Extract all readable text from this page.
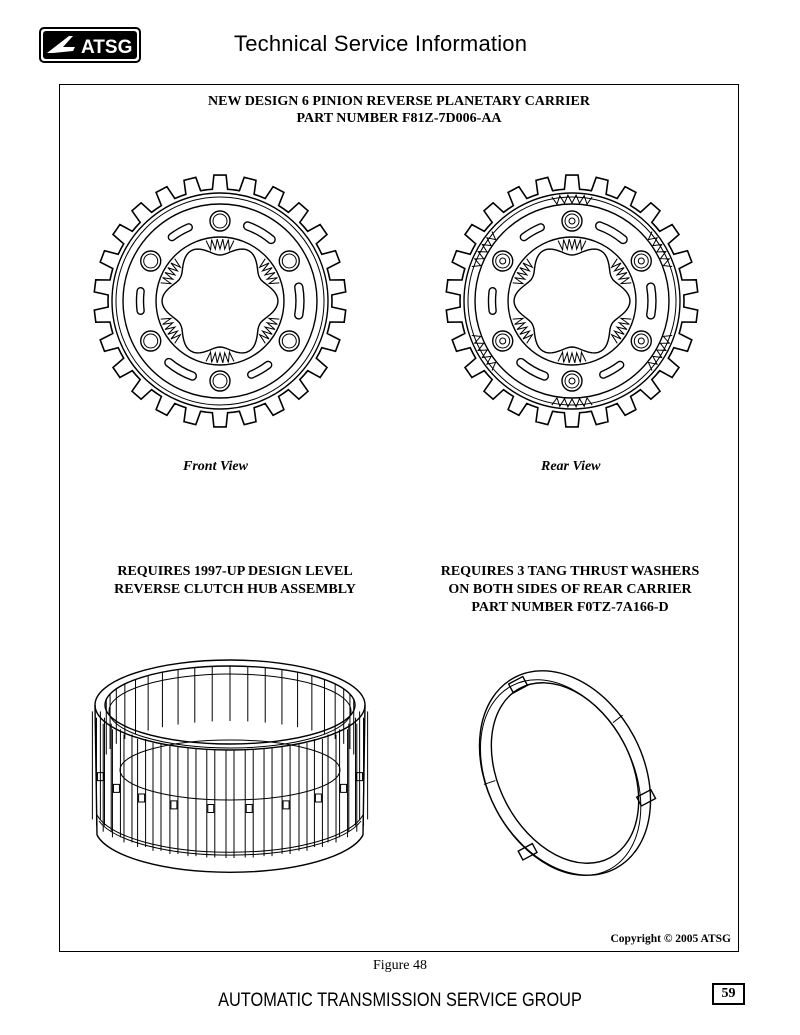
ATSG	Technical Service Information
NEW DESIGN 6 PINION REVERSE PLANETARY CARRIER
PART NUMBER F81Z-7D006-AA
Front View	Rear View
REQUIRES 1997-UP DESIGN LEVEL
REVERSE CLUTCH HUB ASSEMBLY
REQUIRES 3 TANG THRUST WASHERS
ON BOTH SIDES OF REAR CARRIER
PART NUMBER F0TZ-7A166-D
Copyright © 2005 ATSG
Figure 48
AUTOMATIC TRANSMISSION SERVICE GROUP	59
